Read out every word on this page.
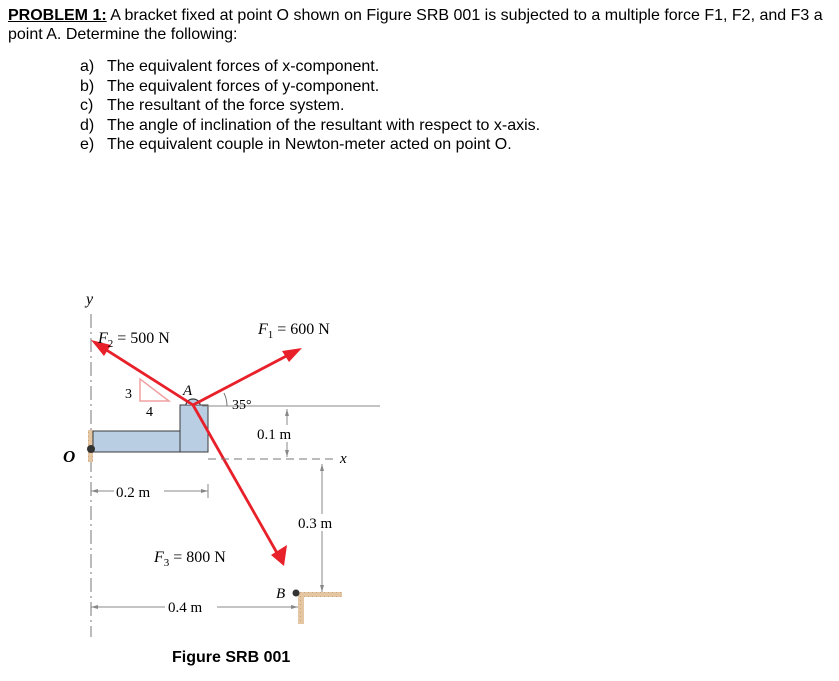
PROBLEM 1: A bracket fixed at point O shown on Figure SRB 001 is subjected to a multiple force F1, F2, and F3 a
point A. Determine the following:
a) The equivalent forces of x-component.
b) The equivalent forces of y-component.
c) The resultant of the force system.
d) The angle of inclination of the resultant with respect to x-axis.
e) The equivalent couple in Newton-meter acted on point O.
y
O
A
3
4	35°
$F_1 = 600$ N
$F_2 = 500$ N
$F_3 = 800$ N
x
0.1 m
0.2 m
0.3 m
0.4 m
B
Figure SRB 001
